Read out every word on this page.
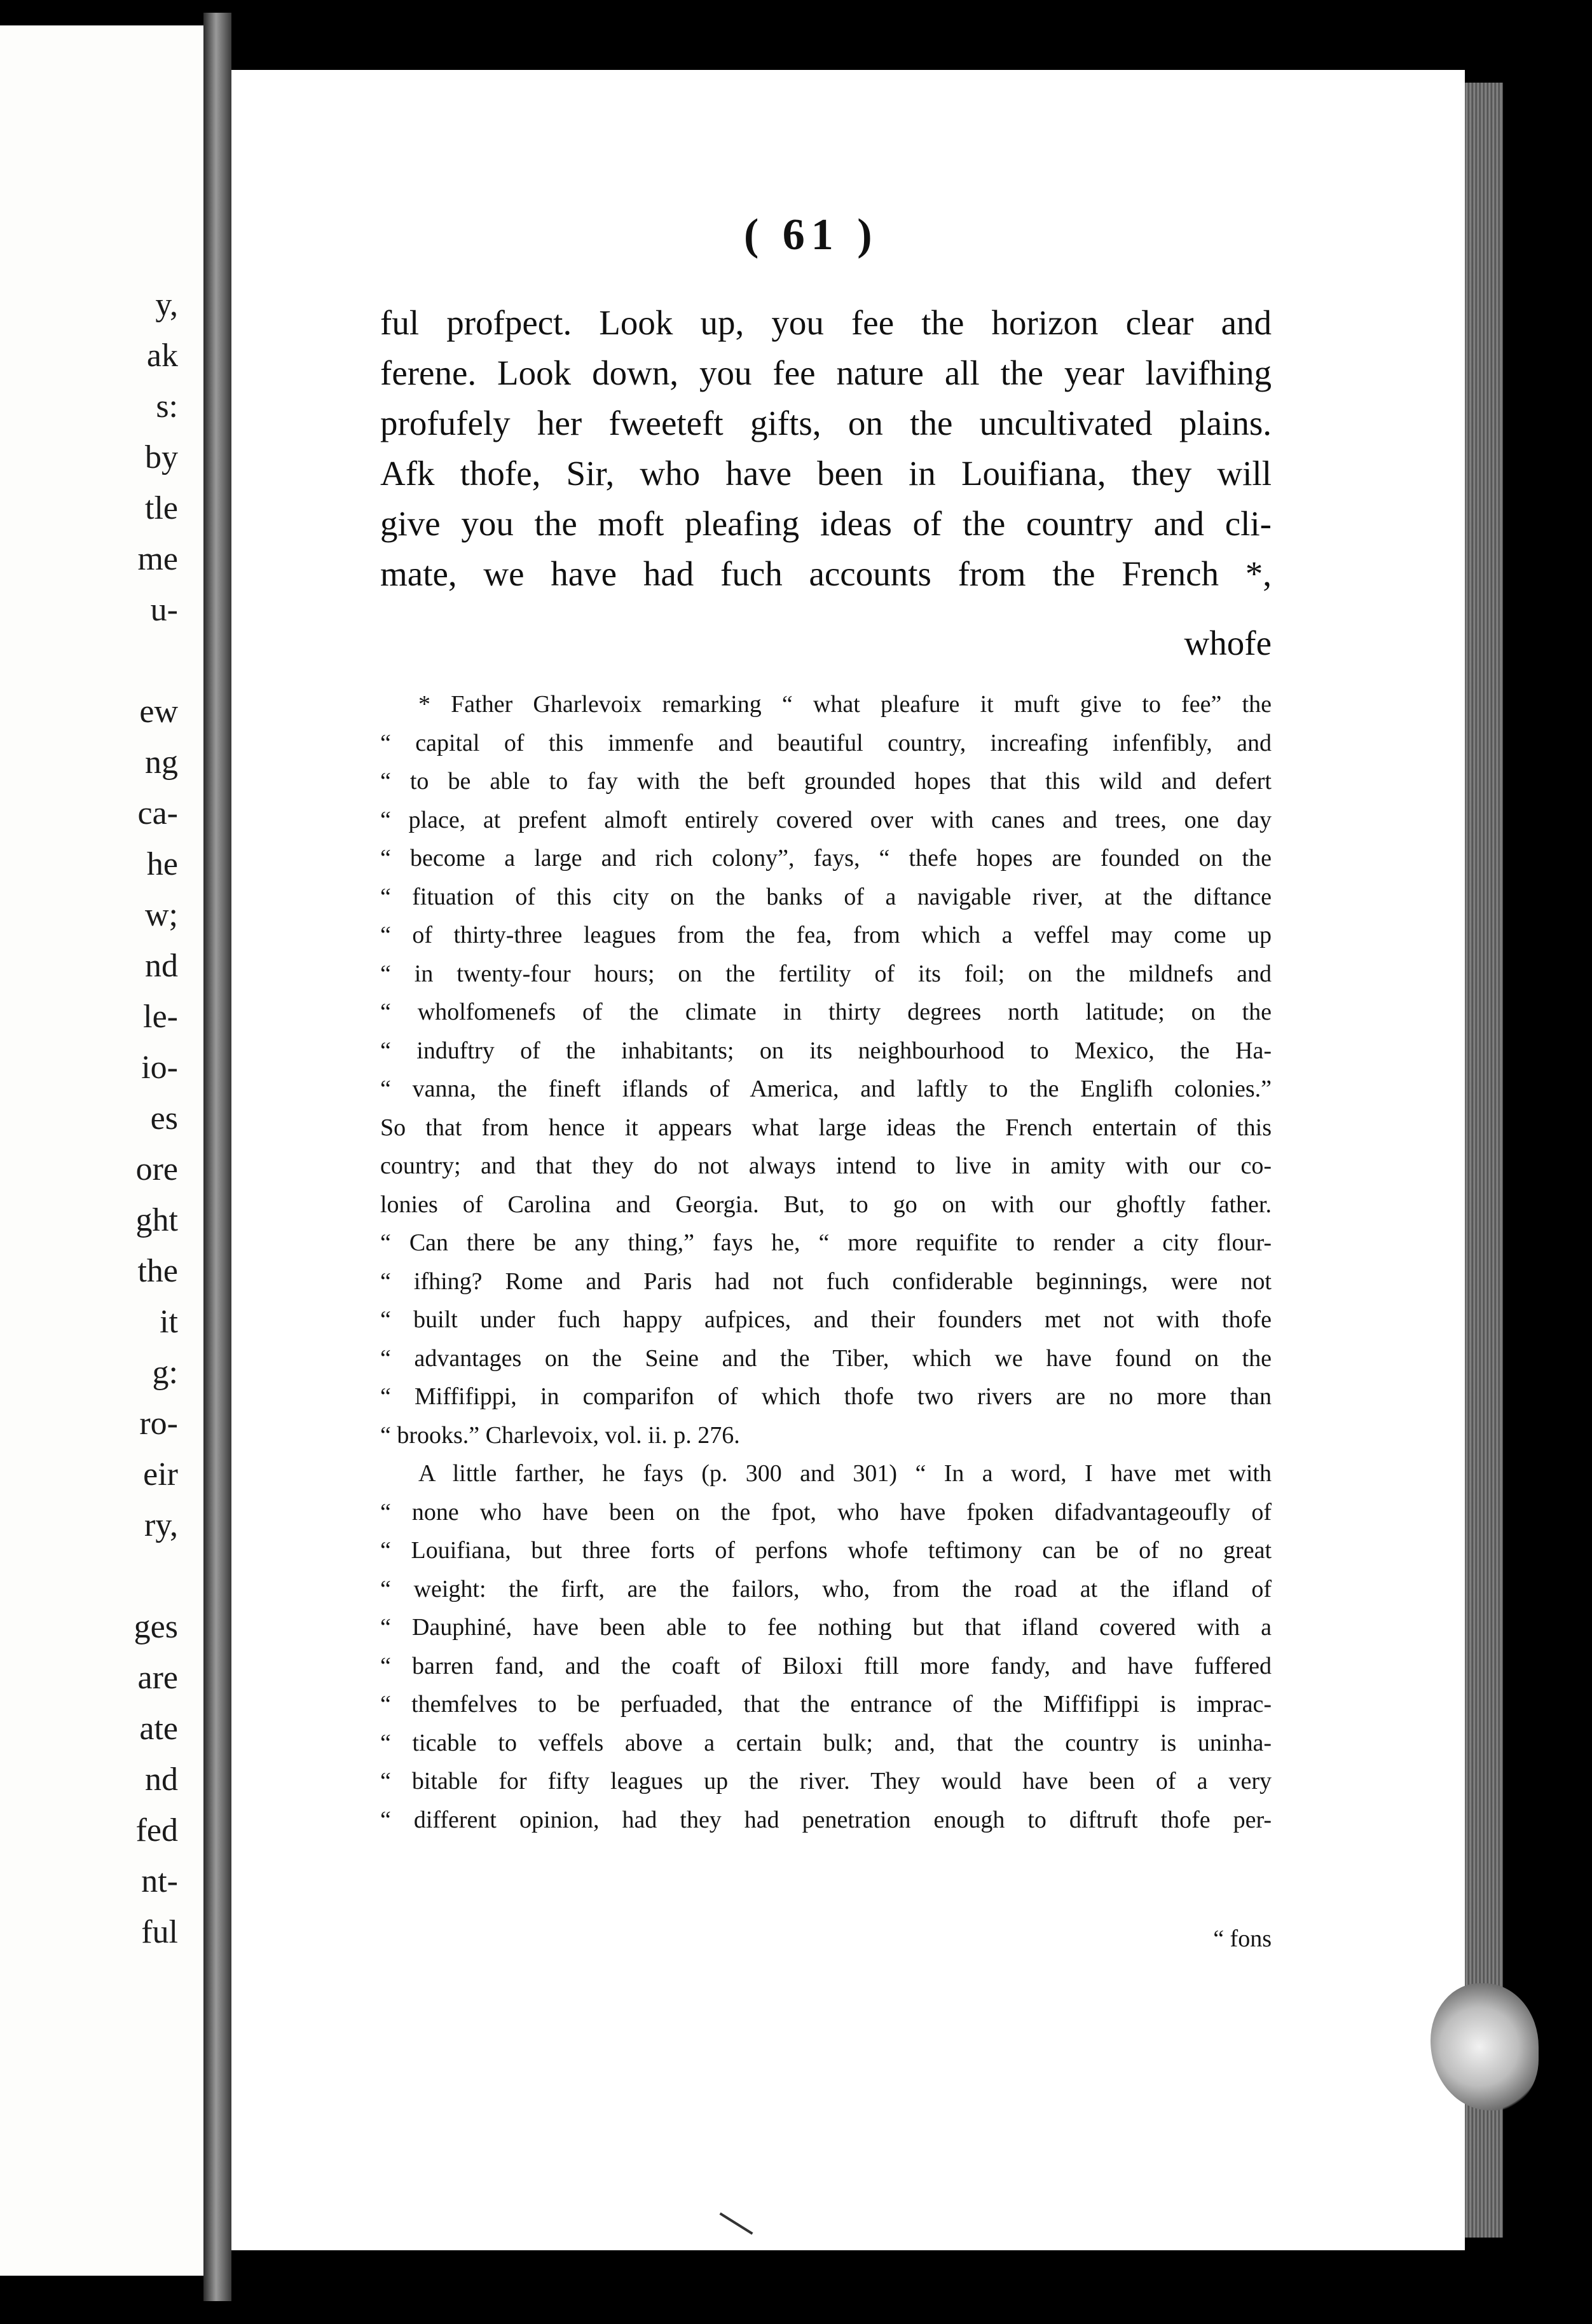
y,
ak
s:
by
tle
me
u-
ew
ng
ca-
he
w;
nd
le-
io-
es
ore
ght
the
it
g:
ro-
eir
ry,
ges
are
ate
nd
fed
nt-
ful
( 61 )
ful profpect. Look up, you fee the horizon clear and
ferene. Look down, you fee nature all the year lavifhing
profufely her fweeteft gifts, on the uncultivated plains.
Afk thofe, Sir, who have been in Louifiana, they will
give you the moft pleafing ideas of the country and cli-
mate, we have had fuch accounts from the French *,
whofe
* Father Gharlevoix remarking “ what pleafure it muft give to fee” the
“ capital of this immenfe and beautiful country, increafing infenfibly, and
“ to be able to fay with the beft grounded hopes that this wild and defert
“ place, at prefent almoft entirely covered over with canes and trees, one day
“ become a large and rich colony”, fays, “ thefe hopes are founded on the
“ fituation of this city on the banks of a navigable river, at the diftance
“ of thirty-three leagues from the fea, from which a veffel may come up
“ in twenty-four hours; on the fertility of its foil; on the mildnefs and
“ wholfomenefs of the climate in thirty degrees north latitude; on the
“ induftry of the inhabitants; on its neighbourhood to Mexico, the Ha-
“ vanna, the fineft iflands of America, and laftly to the Englifh colonies.”
So that from hence it appears what large ideas the French entertain of this
country; and that they do not always intend to live in amity with our co-
lonies of Carolina and Georgia. But, to go on with our ghoftly father.
“ Can there be any thing,” fays he, “ more requifite to render a city flour-
“ ifhing? Rome and Paris had not fuch confiderable beginnings, were not
“ built under fuch happy aufpices, and their founders met not with thofe
“ advantages on the Seine and the Tiber, which we have found on the
“ Miffifippi, in comparifon of which thofe two rivers are no more than
“ brooks.” Charlevoix, vol. ii. p. 276.
A little farther, he fays (p. 300 and 301) “ In a word, I have met with
“ none who have been on the fpot, who have fpoken difadvantageoufly of
“ Louifiana, but three forts of perfons whofe teftimony can be of no great
“ weight: the firft, are the failors, who, from the road at the ifland of
“ Dauphiné, have been able to fee nothing but that ifland covered with a
“ barren fand, and the coaft of Biloxi ftill more fandy, and have fuffered
“ themfelves to be perfuaded, that the entrance of the Miffifippi is imprac-
“ ticable to veffels above a certain bulk; and, that the country is uninha-
“ bitable for fifty leagues up the river. They would have been of a very
“ different opinion, had they had penetration enough to diftruft thofe per-
“ fons
